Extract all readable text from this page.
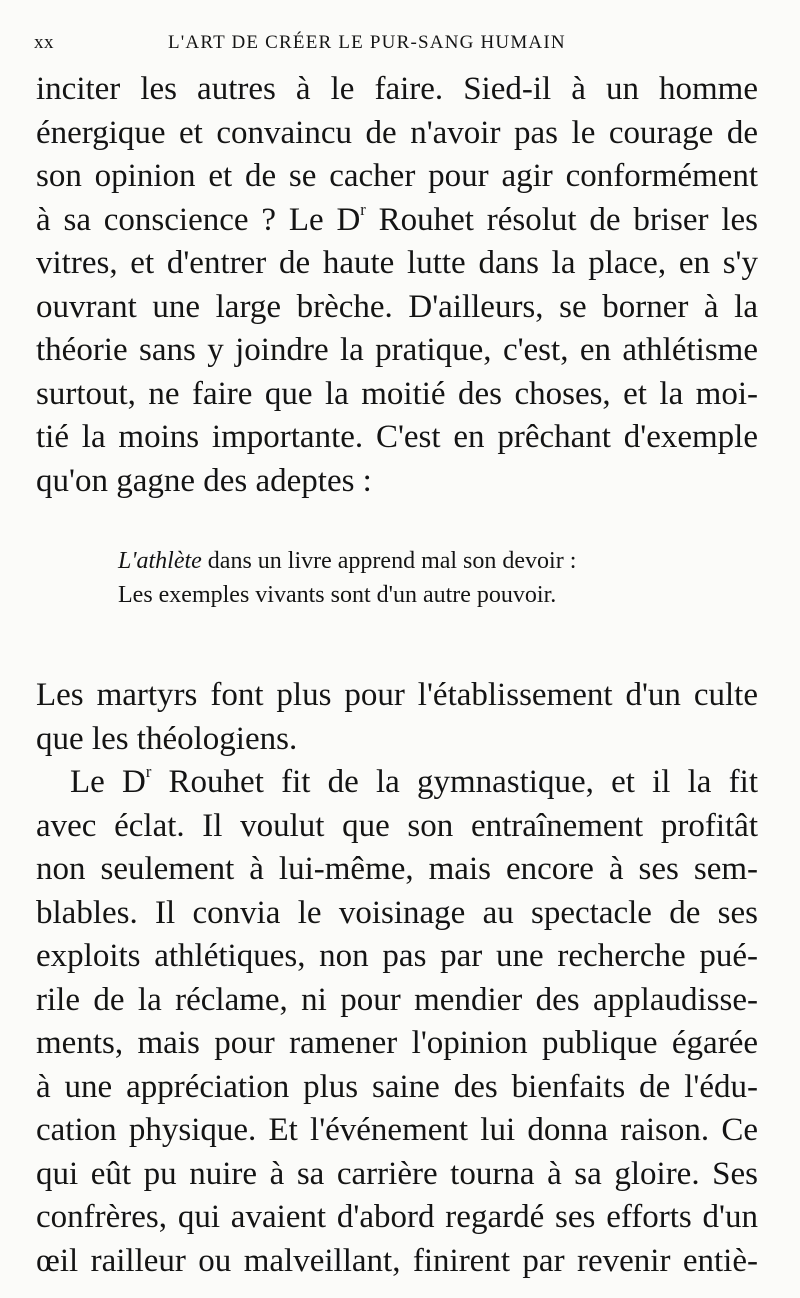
xx	L'ART DE CRÉER LE PUR-SANG HUMAIN
inciter les autres à le faire. Sied-il à un homme
énergique et convaincu de n'avoir pas le courage de
son opinion et de se cacher pour agir conformément
à sa conscience ? Le $D^r$ Rouhet résolut de briser les
vitres, et d'entrer de haute lutte dans la place, en s'y
ouvrant une large brèche. D'ailleurs, se borner à la
théorie sans y joindre la pratique, c'est, en athlétisme
surtout, ne faire que la moitié des choses, et la moi-
tié la moins importante. C'est en prêchant d'exemple
qu'on gagne des adeptes :
L'athlète dans un livre apprend mal son devoir :
Les exemples vivants sont d'un autre pouvoir.
Les martyrs font plus pour l'établissement d'un culte
que les théologiens.
Le $D^r$ Rouhet fit de la gymnastique, et il la fit
avec éclat. Il voulut que son entraînement profitât
non seulement à lui-même, mais encore à ses sem-
blables. Il convia le voisinage au spectacle de ses
exploits athlétiques, non pas par une recherche pué-
rile de la réclame, ni pour mendier des applaudisse-
ments, mais pour ramener l'opinion publique égarée
à une appréciation plus saine des bienfaits de l'édu-
cation physique. Et l'événement lui donna raison. Ce
qui eût pu nuire à sa carrière tourna à sa gloire. Ses
confrères, qui avaient d'abord regardé ses efforts d'un
œil railleur ou malveillant, finirent par revenir entiè-
